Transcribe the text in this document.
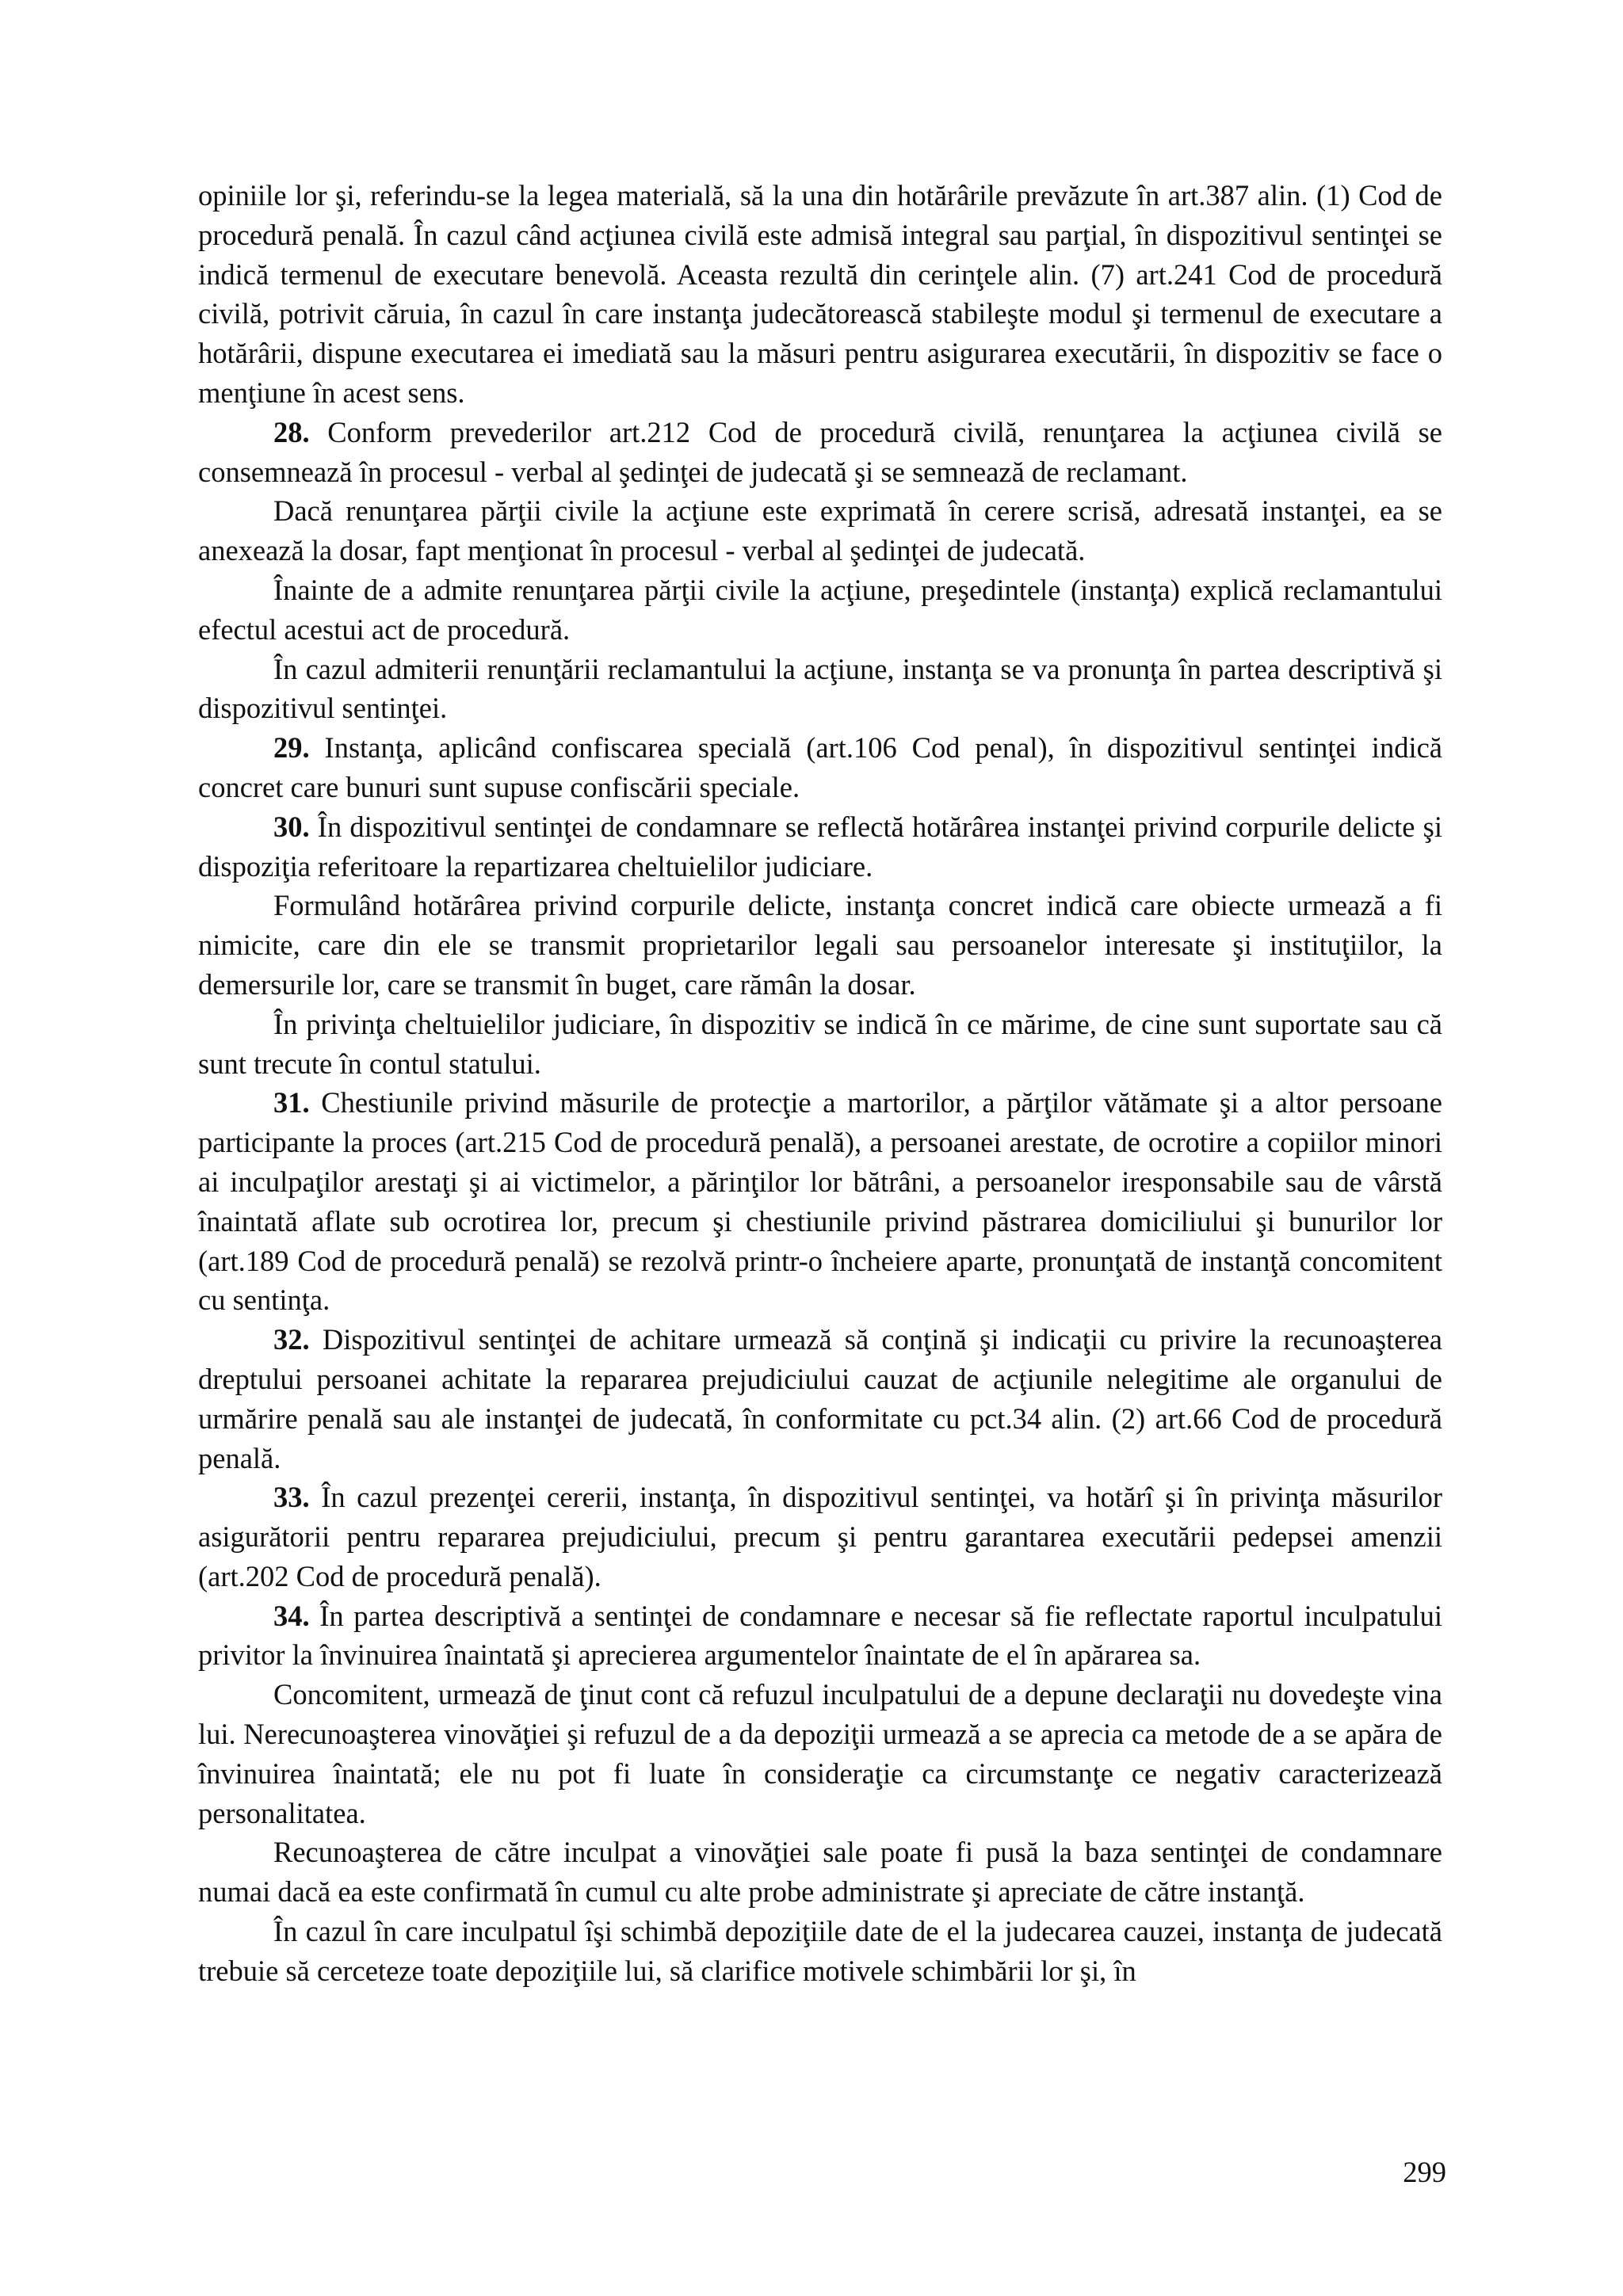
opiniile lor şi, referindu-se la legea materială, să la una din hotărârile prevăzute în art.387 alin. (1) Cod de procedură penală. În cazul când acţiunea civilă este admisă integral sau parţial, în dispozitivul sentinţei se indică termenul de executare benevolă. Aceasta rezultă din cerinţele alin. (7) art.241 Cod de procedură civilă, potrivit căruia, în cazul în care instanţa judecătorească stabileşte modul şi termenul de executare a hotărârii, dispune executarea ei imediată sau la măsuri pentru asigurarea executării, în dispozitiv se face o menţiune în acest sens.

28. Conform prevederilor art.212 Cod de procedură civilă, renunţarea la acţiunea civilă se consemnează în procesul - verbal al şedinţei de judecată şi se semnează de reclamant.

Dacă renunţarea părţii civile la acţiune este exprimată în cerere scrisă, adresată instanţei, ea se anexează la dosar, fapt menţionat în procesul - verbal al şedinţei de judecată.

Înainte de a admite renunţarea părţii civile la acţiune, preşedintele (instanţa) explică reclamantului efectul acestui act de procedură.

În cazul admiterii renunţării reclamantului la acţiune, instanţa se va pronunţa în partea descriptivă şi dispozitivul sentinţei.

29. Instanţa, aplicând confiscarea specială (art.106 Cod penal), în dispozitivul sentinţei indică concret care bunuri sunt supuse confiscării speciale.

30. În dispozitivul sentinţei de condamnare se reflectă hotărârea instanţei privind corpurile delicte şi dispoziţia referitoare la repartizarea cheltuielilor judiciare.

Formulând hotărârea privind corpurile delicte, instanţa concret indică care obiecte urmează a fi nimicite, care din ele se transmit proprietarilor legali sau persoanelor interesate şi instituţiilor, la demersurile lor, care se transmit în buget, care rămân la dosar.

În privinţa cheltuielilor judiciare, în dispozitiv se indică în ce mărime, de cine sunt suportate sau că sunt trecute în contul statului.

31. Chestiunile privind măsurile de protecţie a martorilor, a părţilor vătămate şi a altor persoane participante la proces (art.215 Cod de procedură penală), a persoanei arestate, de ocrotire a copiilor minori ai inculpaţilor arestaţi şi ai victimelor, a părinţilor lor bătrâni, a persoanelor iresponsabile sau de vârstă înaintată aflate sub ocrotirea lor, precum şi chestiunile privind păstrarea domiciliului şi bunurilor lor (art.189 Cod de procedură penală) se rezolvă printr-o încheiere aparte, pronunţată de instanţă concomitent cu sentinţa.

32. Dispozitivul sentinţei de achitare urmează să conţină şi indicaţii cu privire la recunoaşterea dreptului persoanei achitate la repararea prejudiciului cauzat de acţiunile nelegitime ale organului de urmărire penală sau ale instanţei de judecată, în conformitate cu pct.34 alin. (2) art.66 Cod de procedură penală.

33. În cazul prezenţei cererii, instanţa, în dispozitivul sentinţei, va hotărî şi în privinţa măsurilor asigurătorii pentru repararea prejudiciului, precum şi pentru garantarea executării pedepsei amenzii (art.202 Cod de procedură penală).

34. În partea descriptivă a sentinţei de condamnare e necesar să fie reflectate raportul inculpatului privitor la învinuirea înaintată şi aprecierea argumentelor înaintate de el în apărarea sa.

Concomitent, urmează de ţinut cont că refuzul inculpatului de a depune declaraţii nu dovedeşte vina lui. Nerecunoaşterea vinovăţiei şi refuzul de a da depoziţii urmează a se aprecia ca metode de a se apăra de învinuirea înaintată; ele nu pot fi luate în consideraţie ca circumstanţe ce negativ caracterizează personalitatea.

Recunoaşterea de către inculpat a vinovăţiei sale poate fi pusă la baza sentinţei de condamnare numai dacă ea este confirmată în cumul cu alte probe administrate şi apreciate de către instanţă.

În cazul în care inculpatul îşi schimbă depoziţiile date de el la judecarea cauzei, instanţa de judecată trebuie să cerceteze toate depoziţiile lui, să clarifice motivele schimbării lor şi, în

299
